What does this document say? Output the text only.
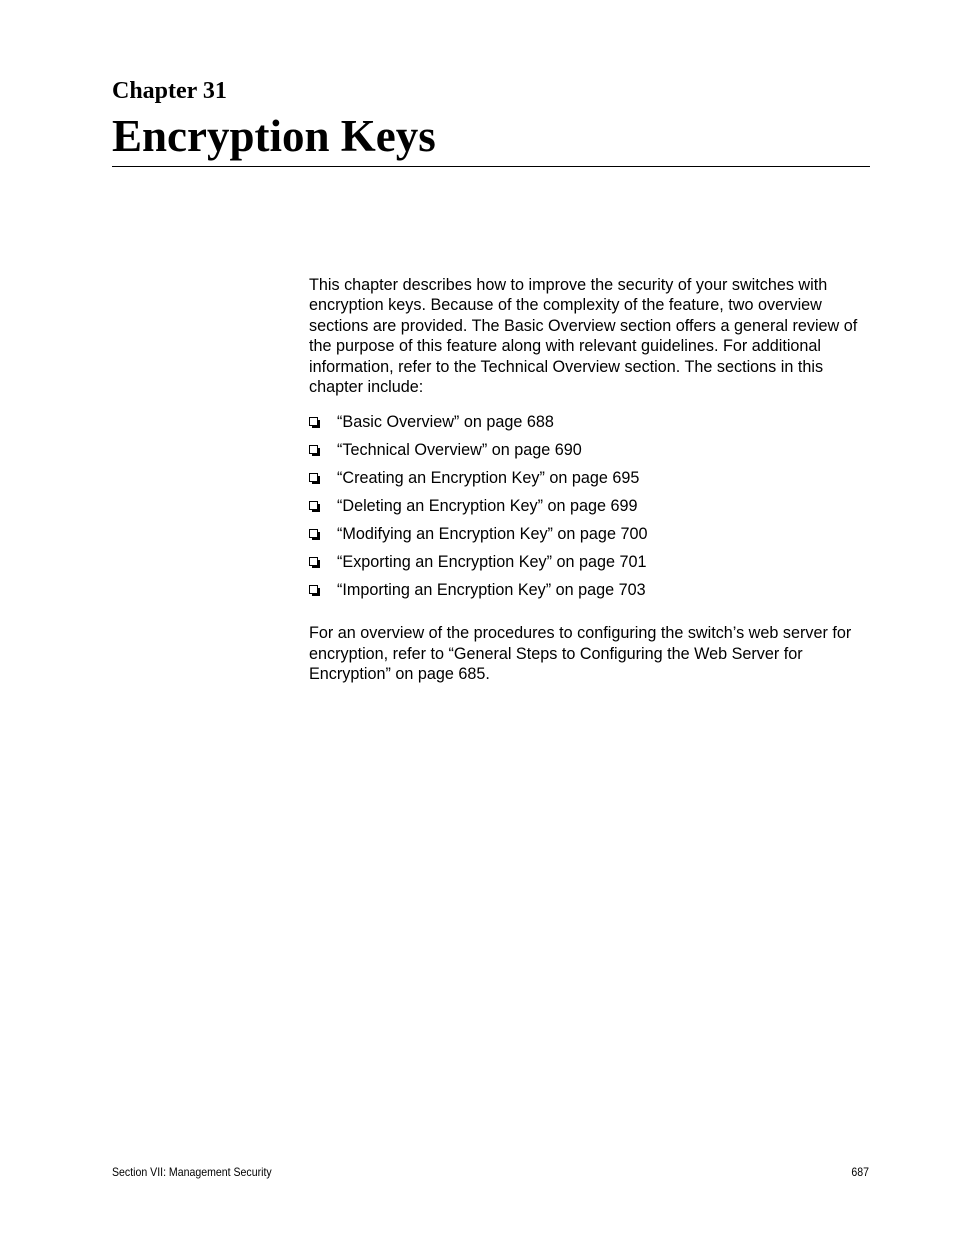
Chapter 31
Encryption Keys

This chapter describes how to improve the security of your switches with encryption keys. Because of the complexity of the feature, two overview sections are provided. The Basic Overview section offers a general review of the purpose of this feature along with relevant guidelines. For additional information, refer to the Technical Overview section. The sections in this chapter include:

“Basic Overview” on page 688
“Technical Overview” on page 690
“Creating an Encryption Key” on page 695
“Deleting an Encryption Key” on page 699
“Modifying an Encryption Key” on page 700
“Exporting an Encryption Key” on page 701
“Importing an Encryption Key” on page 703

For an overview of the procedures to configuring the switch’s web server for encryption, refer to “General Steps to Configuring the Web Server for Encryption” on page 685.

Section VII: Management Security	687
